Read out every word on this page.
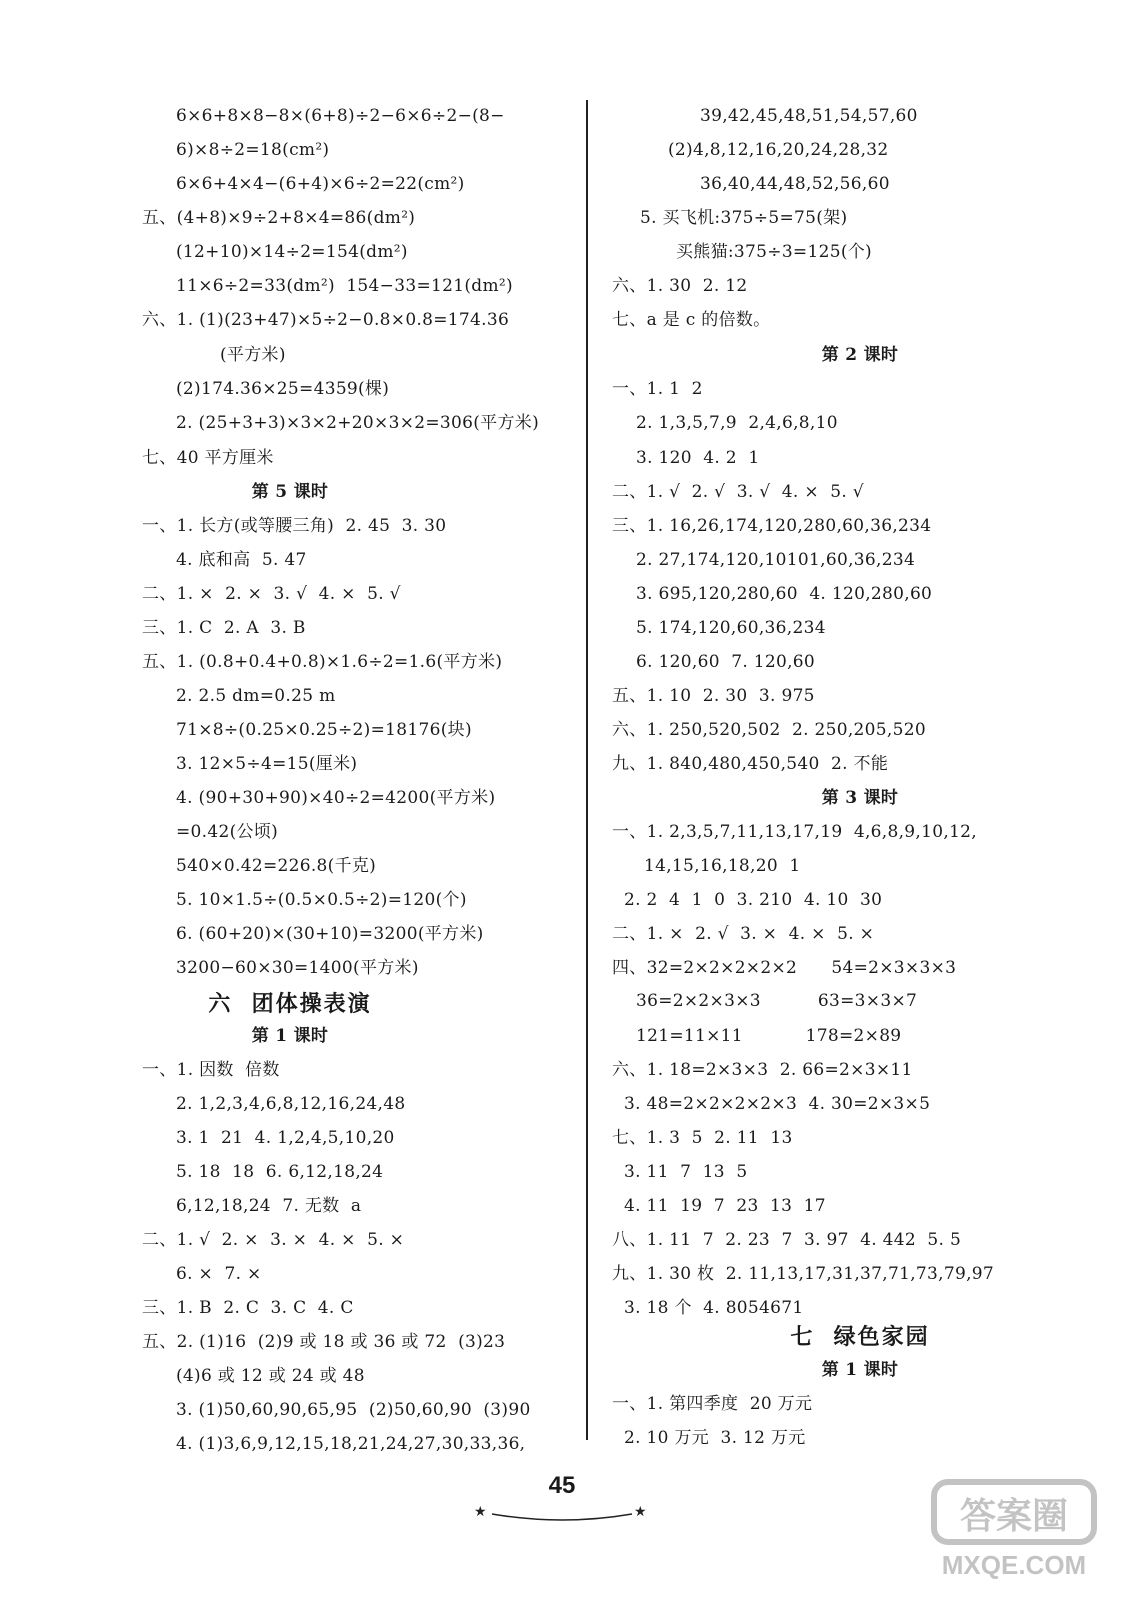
6×6+8×8−8×(6+8)÷2−6×6÷2−(8−
6)×8÷2=18(cm²)
6×6+4×4−(6+4)×6÷2=22(cm²)
五、(4+8)×9÷2+8×4=86(dm²)
(12+10)×14÷2=154(dm²)
11×6÷2=33(dm²)  154−33=121(dm²)
六、1. (1)(23+47)×5÷2−0.8×0.8=174.36
(平方米)
(2)174.36×25=4359(棵)
2. (25+3+3)×3×2+20×3×2=306(平方米)
七、40 平方厘米
第 5 课时
一、1. 长方(或等腰三角)  2. 45  3. 30
4. 底和高  5. 47
二、1. ×  2. ×  3. √  4. ×  5. √
三、1. C  2. A  3. B
五、1. (0.8+0.4+0.8)×1.6÷2=1.6(平方米)
2. 2.5 dm=0.25 m
71×8÷(0.25×0.25÷2)=18176(块)
3. 12×5÷4=15(厘米)
4. (90+30+90)×40÷2=4200(平方米)
=0.42(公顷)
540×0.42=226.8(千克)
5. 10×1.5÷(0.5×0.5÷2)=120(个)
6. (60+20)×(30+10)=3200(平方米)
3200−60×30=1400(平方米)
六  团体操表演
第 1 课时
一、1. 因数  倍数
2. 1,2,3,4,6,8,12,16,24,48
3. 1  21  4. 1,2,4,5,10,20
5. 18  18  6. 6,12,18,24
6,12,18,24  7. 无数  a
二、1. √  2. ×  3. ×  4. ×  5. ×
6. ×  7. ×
三、1. B  2. C  3. C  4. C
五、2. (1)16  (2)9 或 18 或 36 或 72  (3)23
(4)6 或 12 或 24 或 48
3. (1)50,60,90,65,95  (2)50,60,90  (3)90
4. (1)3,6,9,12,15,18,21,24,27,30,33,36,
39,42,45,48,51,54,57,60
(2)4,8,12,16,20,24,28,32
36,40,44,48,52,56,60
5. 买飞机:375÷5=75(架)
买熊猫:375÷3=125(个)
六、1. 30  2. 12
七、a 是 c 的倍数。
第 2 课时
一、1. 1  2
2. 1,3,5,7,9  2,4,6,8,10
3. 120  4. 2  1
二、1. √  2. √  3. √  4. ×  5. √
三、1. 16,26,174,120,280,60,36,234
2. 27,174,120,10101,60,36,234
3. 695,120,280,60  4. 120,280,60
5. 174,120,60,36,234
6. 120,60  7. 120,60
五、1. 10  2. 30  3. 975
六、1. 250,520,502  2. 250,205,520
九、1. 840,480,450,540  2. 不能
第 3 课时
一、1. 2,3,5,7,11,13,17,19  4,6,8,9,10,12,
14,15,16,18,20  1
2. 2  4  1  0  3. 210  4. 10  30
二、1. ×  2. √  3. ×  4. ×  5. ×
四、32=2×2×2×2×2      54=2×3×3×3
36=2×2×3×3          63=3×3×7
121=11×11           178=2×89
六、1. 18=2×3×3  2. 66=2×3×11
3. 48=2×2×2×2×3  4. 30=2×3×5
七、1. 3  5  2. 11  13
3. 11  7  13  5
4. 11  19  7  23  13  17
八、1. 11  7  2. 23  7  3. 97  4. 442  5. 5
九、1. 30 枚  2. 11,13,17,31,37,71,73,79,97
3. 18 个  4. 8054671
七  绿色家园
第 1 课时
一、1. 第四季度  20 万元
2. 10 万元  3. 12 万元
45
★	★	答案圈
MXQE.COM
